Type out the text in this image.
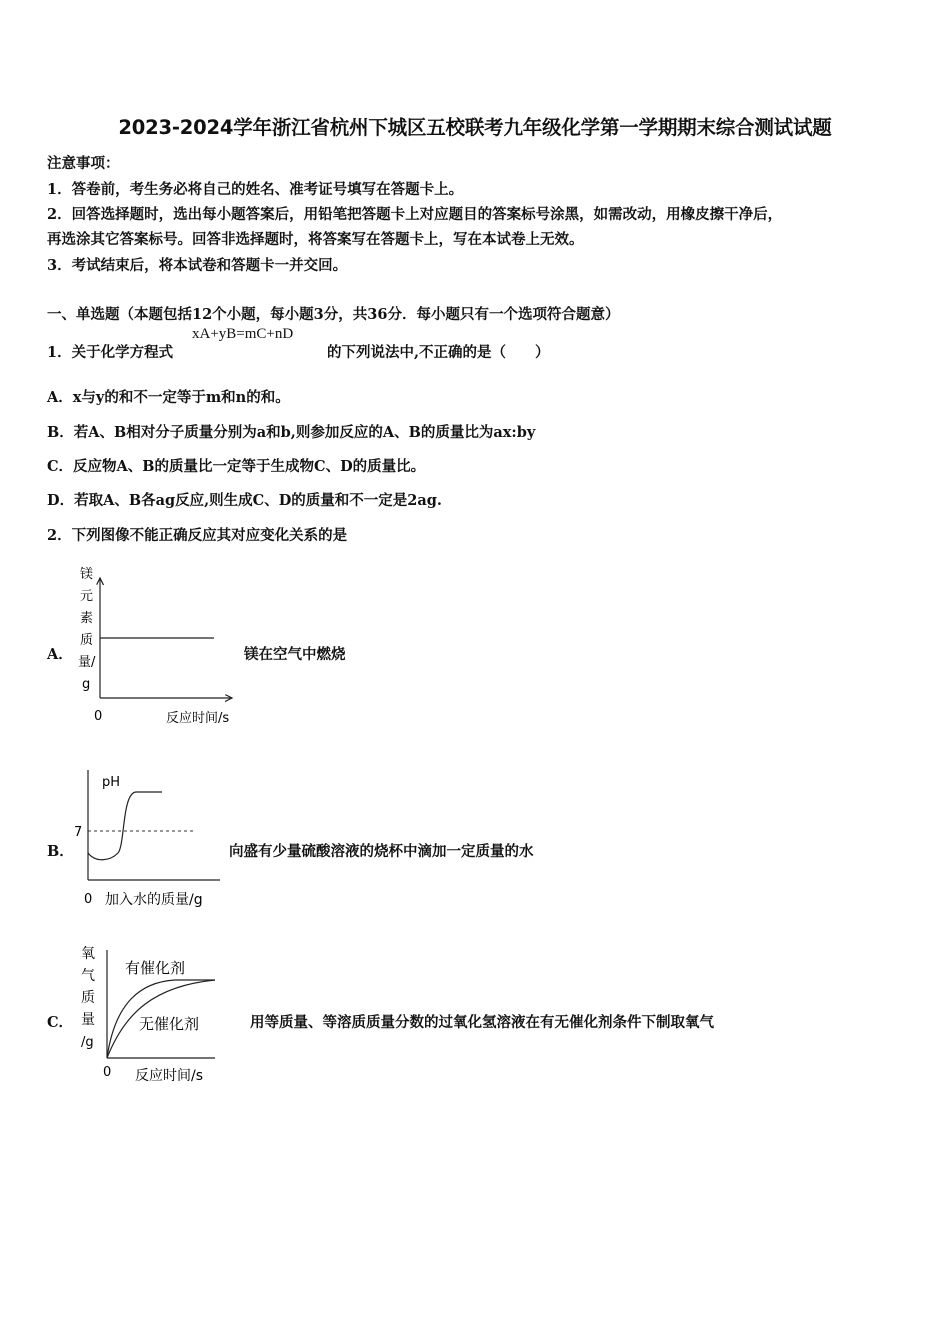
2023-2024学年浙江省杭州下城区五校联考九年级化学第一学期期末综合测试试题
注意事项：
1．答卷前，考生务必将自己的姓名、准考证号填写在答题卡上。
2．回答选择题时，选出每小题答案后，用铅笔把答题卡上对应题目的答案标号涂黑，如需改动，用橡皮擦干净后，
再选涂其它答案标号。回答非选择题时，将答案写在答题卡上，写在本试卷上无效。
3．考试结束后，将本试卷和答题卡一并交回。
一、单选题（本题包括12个小题，每小题3分，共36分．每小题只有一个选项符合题意）
1．关于化学方程式
xA+yB=mC+nD
的下列说法中,不正确的是（　　）
A．x与y的和不一定等于m和n的和。
B．若A、B相对分子质量分别为a和b,则参加反应的A、B的质量比为ax:by
C．反应物A、B的质量比一定等于生成物C、D的质量比。
D．若取A、B各ag反应,则生成C、D的质量和不一定是2ag.
2．下列图像不能正确反应其对应变化关系的是
A．
镁
元
素
质
量/
g
0	反应时间/s
镁在空气中燃烧
B．
pH
7
0 加入水的质量/g
向盛有少量硫酸溶液的烧杯中滴加一定质量的水
C．
氧
气
质
量
/g
有催化剂
无催化剂
0 反应时间/s
用等质量、等溶质质量分数的过氧化氢溶液在有无催化剂条件下制取氧气
